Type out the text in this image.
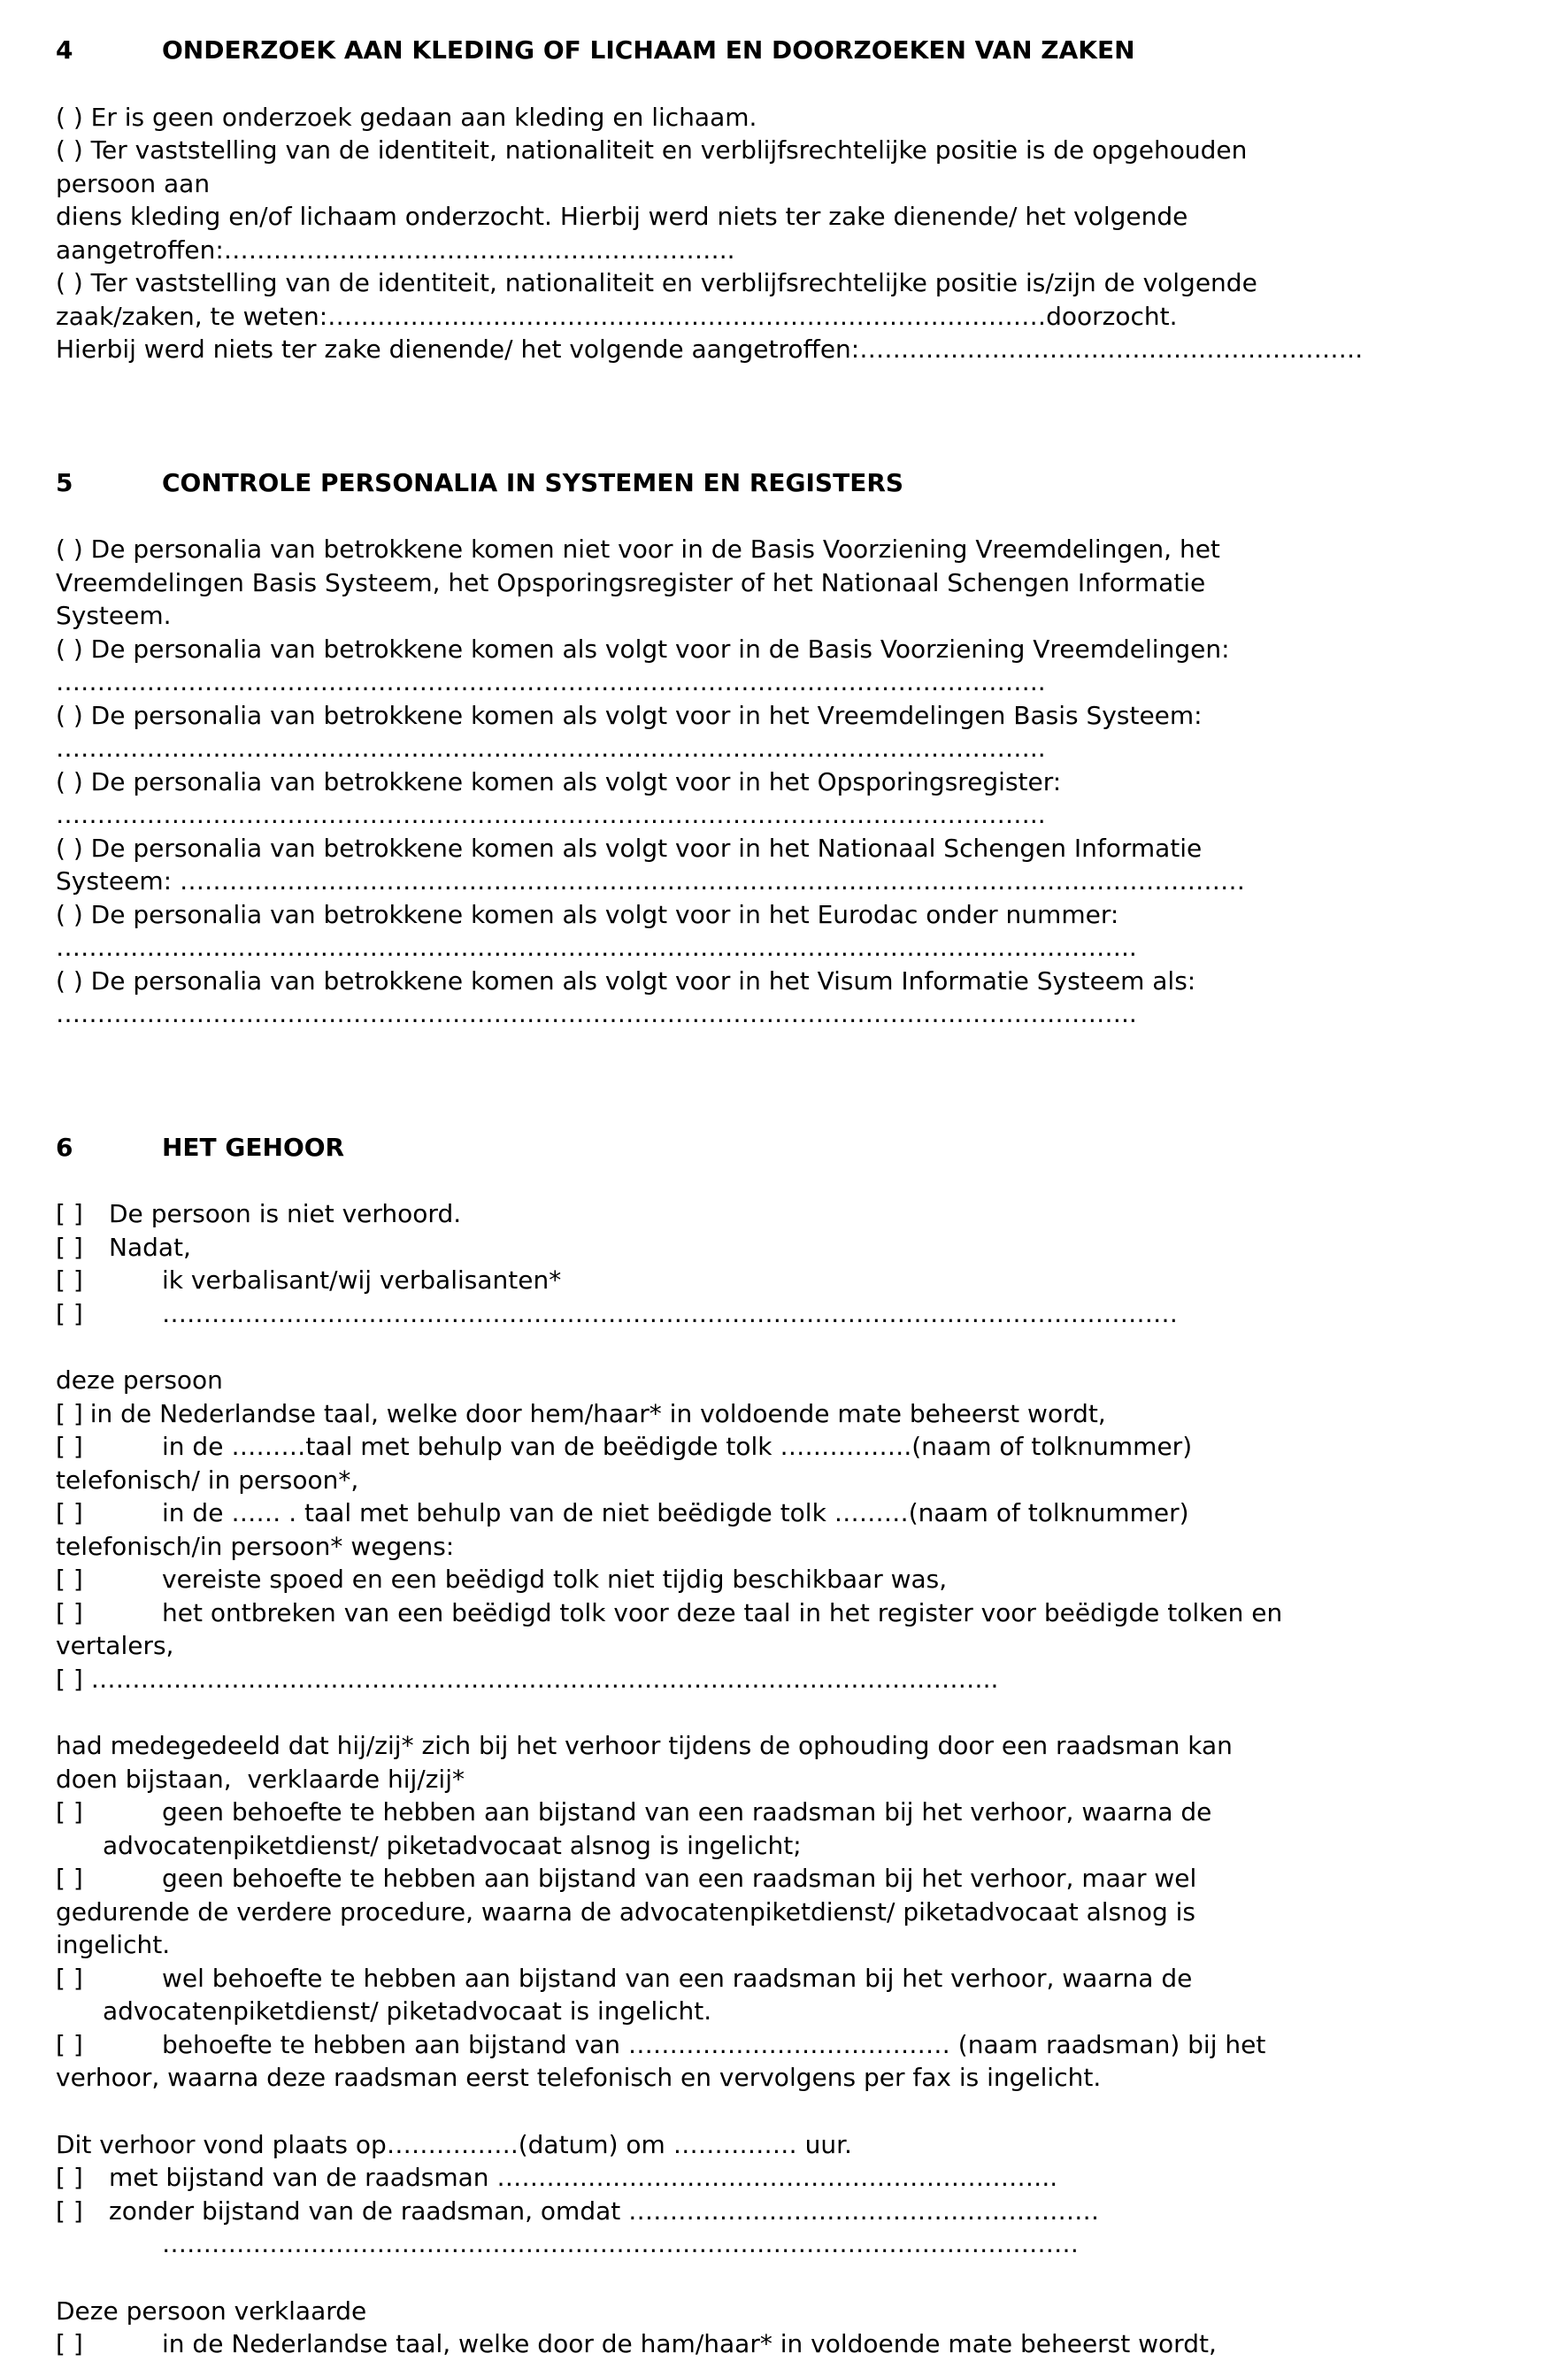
4	ONDERZOEK AAN KLEDING OF LICHAAM EN DOORZOEKEN VAN ZAKEN

( ) Er is geen onderzoek gedaan aan kleding en lichaam.

( ) Ter vaststelling van de identiteit, nationaliteit en verblijfsrechtelijke positie is de opgehouden

persoon aan

diens kleding en/of lichaam onderzocht. Hierbij werd niets ter zake dienende/ het volgende

aangetroffen:……………………………………………………..

( ) Ter vaststelling van de identiteit, nationaliteit en verblijfsrechtelijke positie is/zijn de volgende

zaak/zaken, te weten:……………………………………………………………………………doorzocht.

Hierbij werd niets ter zake dienende/ het volgende aangetroffen:…………………………………………………….

5	CONTROLE PERSONALIA IN SYSTEMEN EN REGISTERS

( ) De personalia van betrokkene komen niet voor in de Basis Voorziening Vreemdelingen, het

Vreemdelingen Basis Systeem, het Opsporingsregister of het Nationaal Schengen Informatie

Systeem.

( ) De personalia van betrokkene komen als volgt voor in de Basis Voorziening Vreemdelingen:

…………………………………………………………….…………………………………………..

( ) De personalia van betrokkene komen als volgt voor in het Vreemdelingen Basis Systeem:

…………………………………………………………….…………………………………………..

( ) De personalia van betrokkene komen als volgt voor in het Opsporingsregister:

……………………………………………………………….………………………………………..

( ) De personalia van betrokkene komen als volgt voor in het Nationaal Schengen Informatie

Systeem: …………………………………………………………………………………………………………………

( ) De personalia van betrokkene komen als volgt voor in het Eurodac onder nummer:

…………………………………………………………………………………………………………………..

( ) De personalia van betrokkene komen als volgt voor in het Visum Informatie Systeem als:

…………………………………………………………………………………………………………………..

6	HET GEHOOR

[ ]	De persoon is niet verhoord.

[ ]	Nadat,

[ ]	ik verbalisant/wij verbalisanten*

[ ]	……………………………………………………………………………………………………………

deze persoon

[ ] in de Nederlandse taal, welke door hem/haar* in voldoende mate beheerst wordt,

[ ]	in de ………taal met behulp van de beëdigde tolk …………….(naam of tolknummer)

telefonisch/ in persoon*,

[ ]	in de …… . taal met behulp van de niet beëdigde tolk ………(naam of tolknummer)

telefonisch/in persoon* wegens:

[ ]	vereiste spoed en een beëdigd tolk niet tijdig beschikbaar was,

[ ]	het ontbreken van een beëdigd tolk voor deze taal in het register voor beëdigde tolken en

vertalers,

[ ] ………………………………………………………………………………………………..

had medegedeeld dat hij/zij* zich bij het verhoor tijdens de ophouding door een raadsman kan

doen bijstaan,  verklaarde hij/zij*

[ ]	geen behoefte te hebben aan bijstand van een raadsman bij het verhoor, waarna de

advocatenpiketdienst/ piketadvocaat alsnog is ingelicht;

[ ]	geen behoefte te hebben aan bijstand van een raadsman bij het verhoor, maar wel

gedurende de verdere procedure, waarna de advocatenpiketdienst/ piketadvocaat alsnog is

ingelicht.

[ ]	wel behoefte te hebben aan bijstand van een raadsman bij het verhoor, waarna de

advocatenpiketdienst/ piketadvocaat is ingelicht.

[ ]	behoefte te hebben aan bijstand van ………………………………… (naam raadsman) bij het

verhoor, waarna deze raadsman eerst telefonisch en vervolgens per fax is ingelicht.

Dit verhoor vond plaats op…………….(datum) om …………… uur.

[ ]	met bijstand van de raadsman …………………………………………………………..

[ ]	zonder bijstand van de raadsman, omdat …………………………………………………

…………………………………………………………………………………………………

Deze persoon verklaarde

[ ]	in de Nederlandse taal, welke door de ham/haar* in voldoende mate beheerst wordt,
